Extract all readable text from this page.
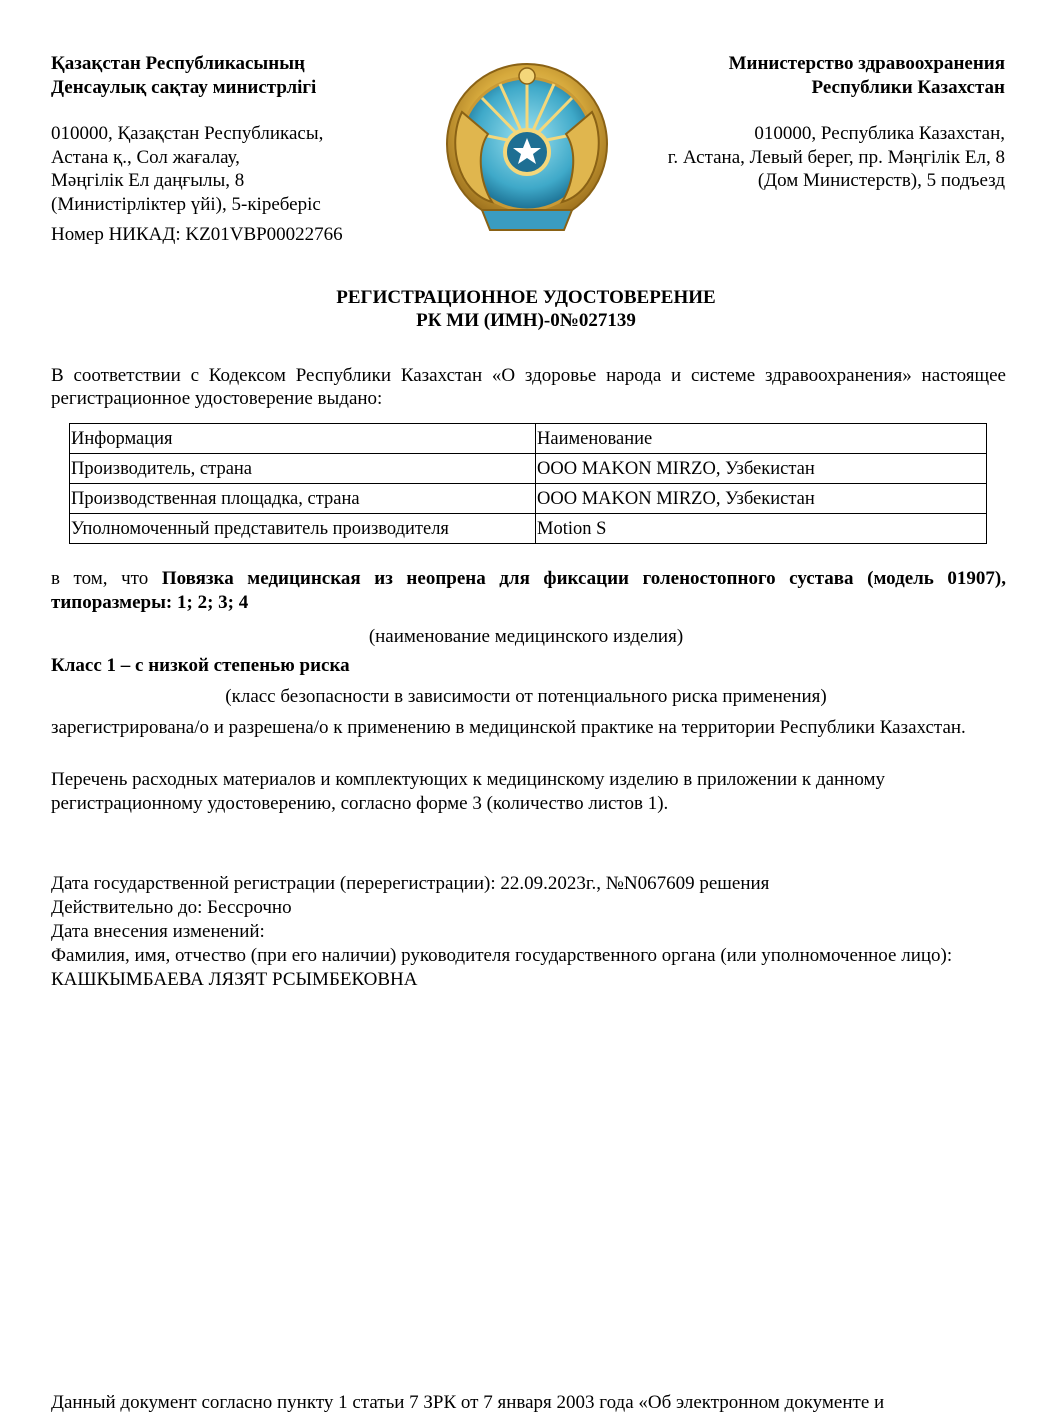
Қазақстан Республикасының
Денсаулық сақтау министрлігі
Министерство здравоохранения
Республики Казахстан
010000, Қазақстан Республикасы,
Астана қ., Сол жағалау,
Мәңгілік Ел даңғылы, 8
(Министірліктер үйі), 5-кіреберіс
010000, Республика Казахстан,
г. Астана, Левый берег, пр. Мәңгілік Ел, 8
(Дом Министерств), 5 подъезд
Номер НИКАД: KZ01VBP00022766
РЕГИСТРАЦИОННОЕ УДОСТОВЕРЕНИЕ
РК МИ (ИМН)-0№027139
В соответствии с Кодексом Республики Казахстан «О здоровье народа и системе здравоохранения» настоящее регистрационное удостоверение выдано:
Информация	Наименование
Производитель, страна	ООО MAKON MIRZO, Узбекистан
Производственная площадка, страна	ООО MAKON MIRZO, Узбекистан
Уполномоченный представитель производителя	Motion S
в том, что Повязка медицинская из неопрена для фиксации голеностопного сустава (модель 01907), типоразмеры: 1; 2; 3; 4
(наименование медицинского изделия)
Класс 1 – с низкой степенью риска
(класс безопасности в зависимости от потенциального риска применения)
зарегистрирована/о и разрешена/о к применению в медицинской практике на территории Республики Казахстан.
Перечень расходных материалов и комплектующих к медицинскому изделию в приложении к данному регистрационному удостоверению, согласно форме 3 (количество листов 1).
Дата государственной регистрации (перерегистрации): 22.09.2023г., №N067609 решения
Действительно до: Бессрочно
Дата внесения изменений:
Фамилия, имя, отчество (при его наличии) руководителя государственного органа (или уполномоченное лицо): КАШКЫМБАЕВА ЛЯЗЯТ РСЫМБЕКОВНА
Данный документ согласно пункту 1 статьи 7 ЗРК от 7 января 2003 года «Об электронном документе и
